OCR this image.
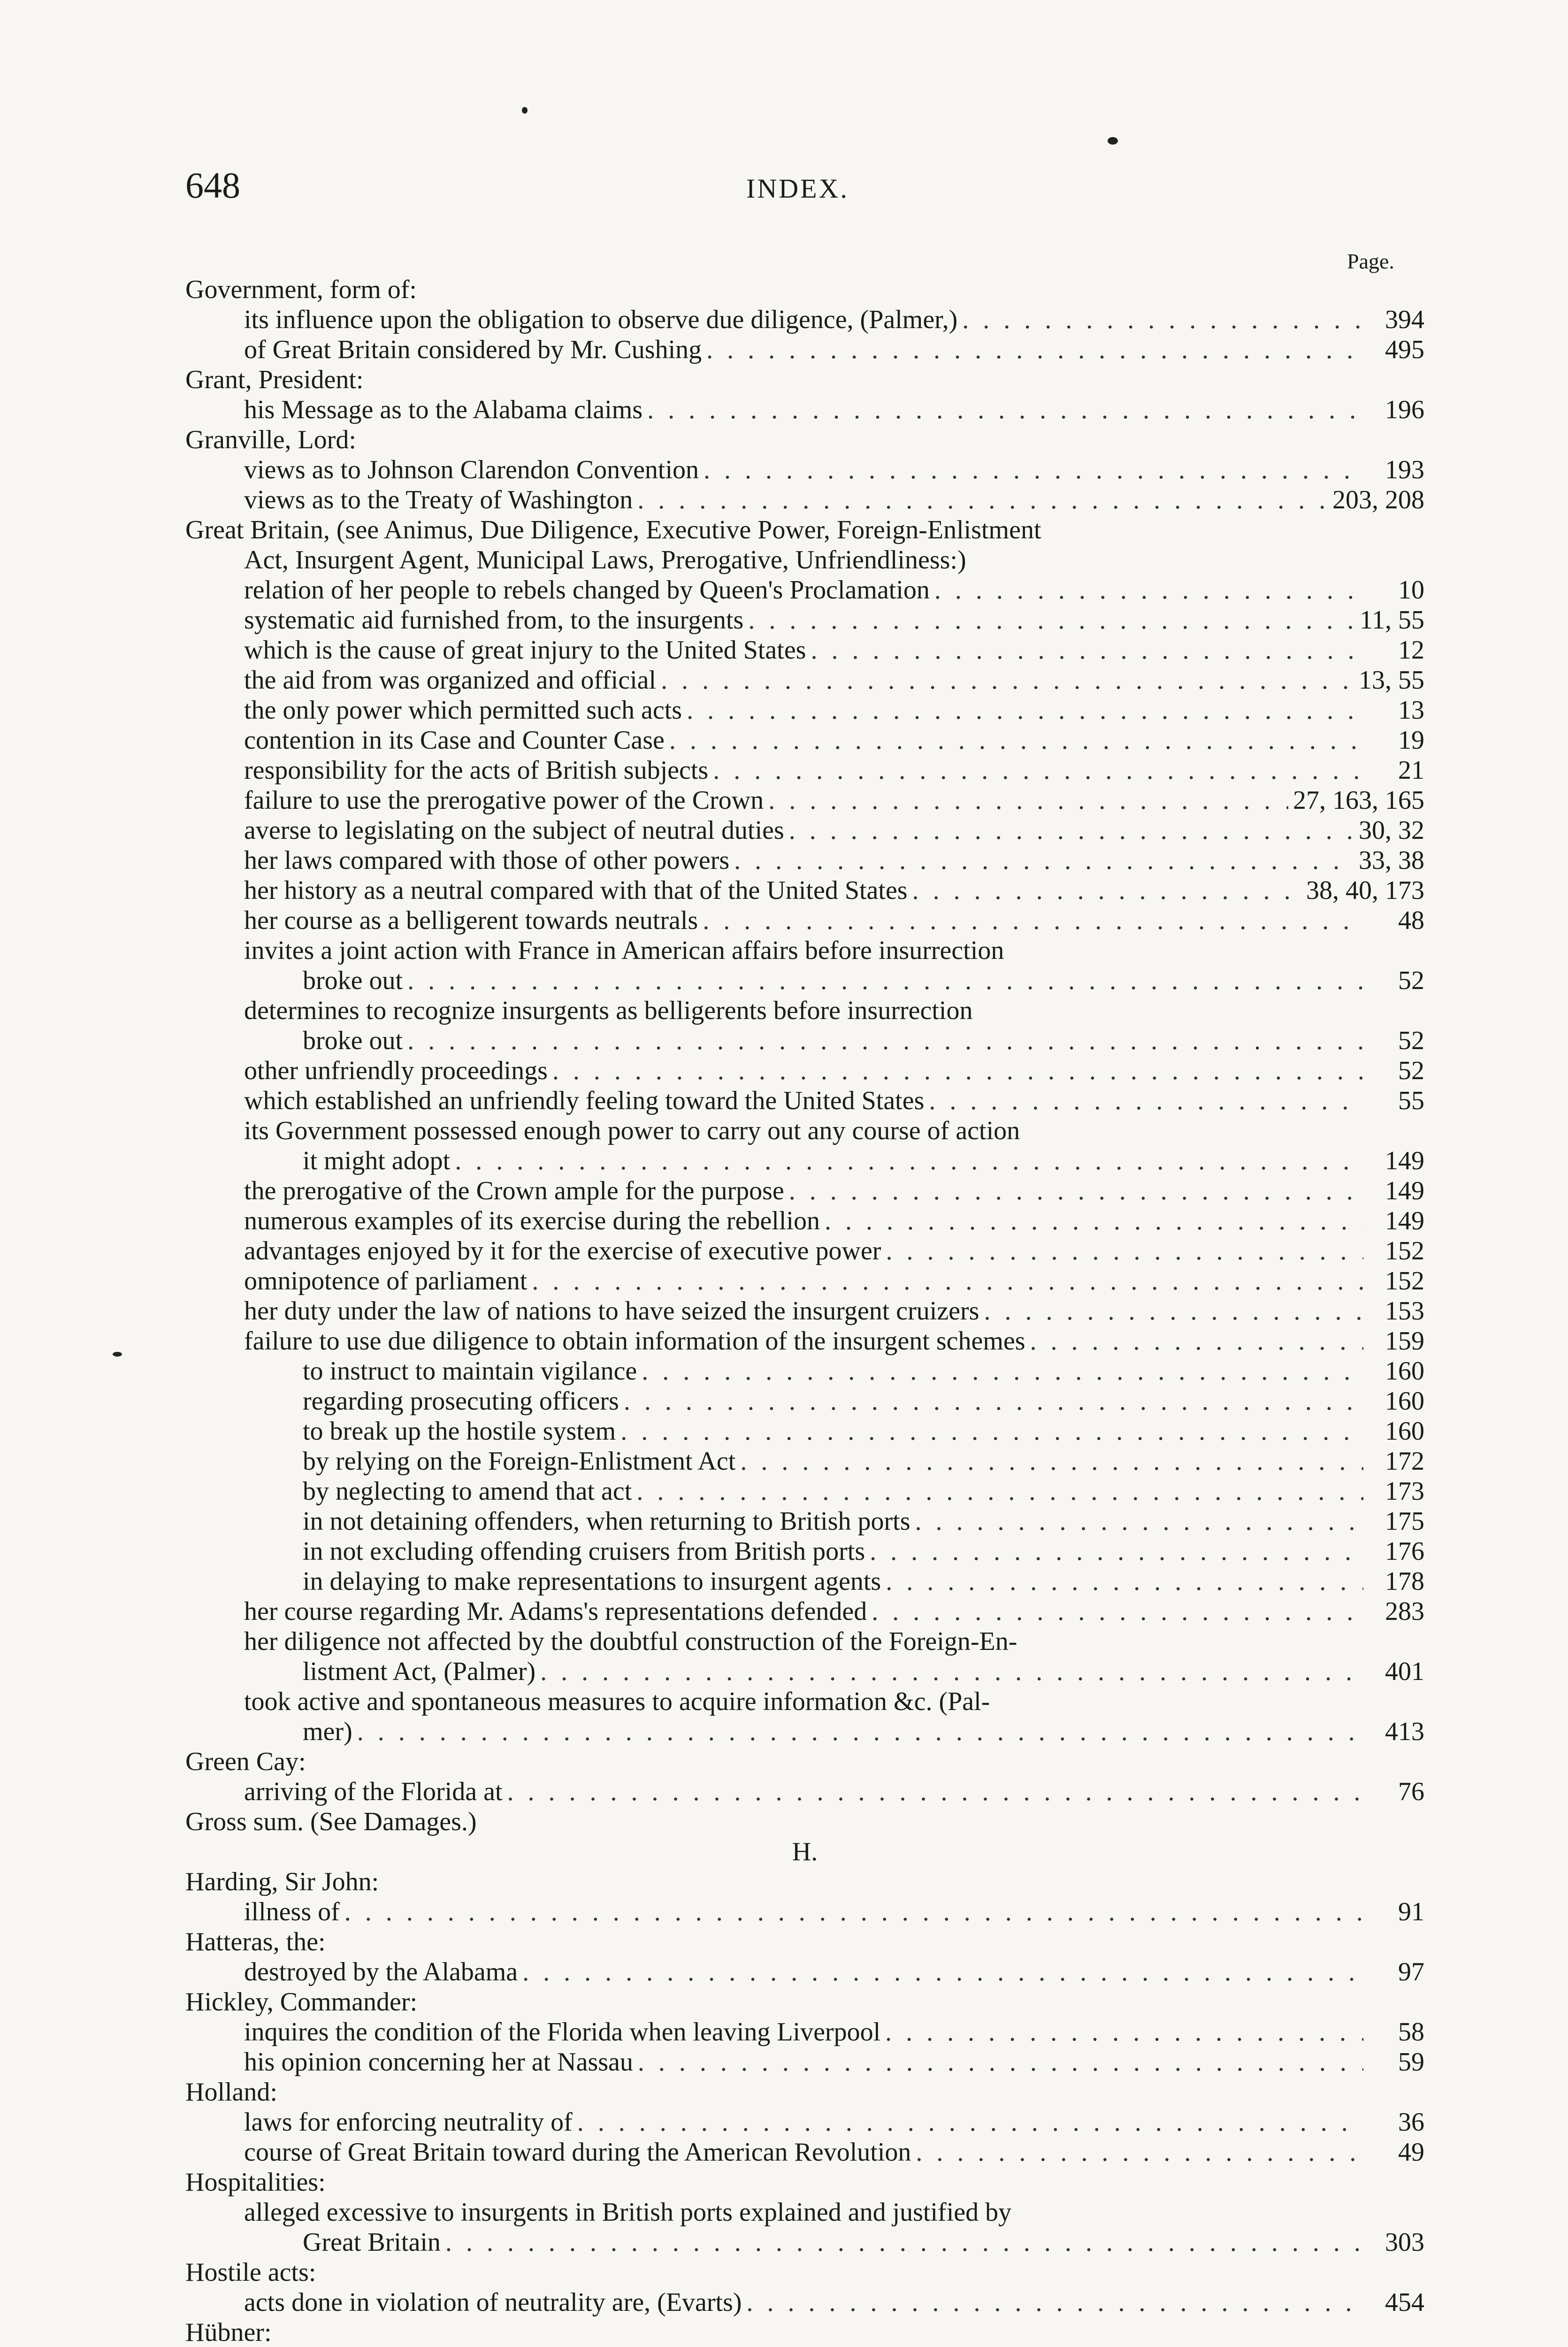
648	INDEX.
Page.
Government, form of:
its influence upon the obligation to observe due diligence, (Palmer,) . . .	394
of Great Britain considered by Mr. Cushing . . .	495
Grant, President:
his Message as to the Alabama claims . . .	196
Granville, Lord:
views as to Johnson Clarendon Convention . . .	193
views as to the Treaty of Washington . . .	203, 208
Great Britain, (see Animus, Due Diligence, Executive Power, Foreign-Enlistment
Act, Insurgent Agent, Municipal Laws, Prerogative, Unfriendliness:)
relation of her people to rebels changed by Queen's Proclamation . . .	10
systematic aid furnished from, to the insurgents . . .	11, 55
which is the cause of great injury to the United States . . .	12
the aid from was organized and official . . .	13, 55
the only power which permitted such acts . . .	13
contention in its Case and Counter Case . . .	19
responsibility for the acts of British subjects . . .	21
failure to use the prerogative power of the Crown . . .	27, 163, 165
averse to legislating on the subject of neutral duties . . .	30, 32
her laws compared with those of other powers . . .	33, 38
her history as a neutral compared with that of the United States . . .	38, 40, 173
her course as a belligerent towards neutrals . . .	48
invites a joint action with France in American affairs before insurrection
broke out . . .	52
determines to recognize insurgents as belligerents before insurrection
broke out . . .	52
other unfriendly proceedings . . .	52
which established an unfriendly feeling toward the United States . . .	55
its Government possessed enough power to carry out any course of action
it might adopt . . .	149
the prerogative of the Crown ample for the purpose . . .	149
numerous examples of its exercise during the rebellion . . .	149
advantages enjoyed by it for the exercise of executive power . . .	152
omnipotence of parliament . . .	152
her duty under the law of nations to have seized the insurgent cruizers . . .	153
failure to use due diligence to obtain information of the insurgent schemes . . .	159
to instruct to maintain vigilance . . .	160
regarding prosecuting officers . . .	160
to break up the hostile system . . .	160
by relying on the Foreign-Enlistment Act . . .	172
by neglecting to amend that act . . .	173
in not detaining offenders, when returning to British ports . . .	175
in not excluding offending cruisers from British ports . . .	176
in delaying to make representations to insurgent agents . . .	178
her course regarding Mr. Adams's representations defended . . .	283
her diligence not affected by the doubtful construction of the Foreign-En-
listment Act, (Palmer) . . .	401
took active and spontaneous measures to acquire information &c. (Pal-
mer) . . .	413
Green Cay:
arriving of the Florida at . . .	76
Gross sum. (See Damages.)
H.
Harding, Sir John:
illness of . . .	91
Hatteras, the:
destroyed by the Alabama . . .	97
Hickley, Commander:
inquires the condition of the Florida when leaving Liverpool . . .	58
his opinion concerning her at Nassau . . .	59
Holland:
laws for enforcing neutrality of . . .	36
course of Great Britain toward during the American Revolution . . .	49
Hospitalities:
alleged excessive to insurgents in British ports explained and justified by
Great Britain . . .	303
Hostile acts:
acts done in violation of neutrality are, (Evarts) . . .	454
Hübner:
